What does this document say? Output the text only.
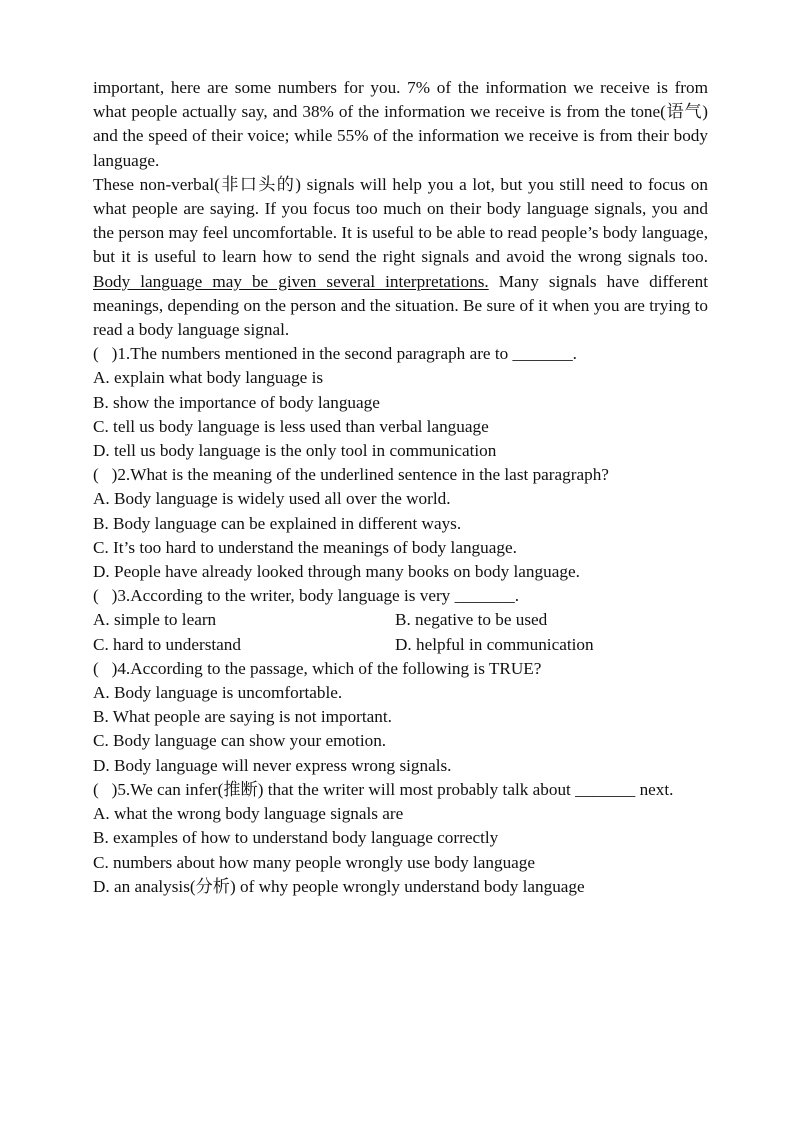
important, here are some numbers for you. 7% of the information we receive is from what people actually say, and 38% of the information we receive is from the tone(语气) and the speed of their voice; while 55% of the information we receive is from their body language.

These non-verbal(非口头的) signals will help you a lot, but you still need to focus on what people are saying. If you focus too much on their body language signals, you and the person may feel uncomfortable. It is useful to be able to read people’s body language, but it is useful to learn how to send the right signals and avoid the wrong signals too. Body language may be given several interpretations. Many signals have different meanings, depending on the person and the situation. Be sure of it when you are trying to read a body language signal.

(   )1.The numbers mentioned in the second paragraph are to _______.

A. explain what body language is

B. show the importance of body language

C. tell us body language is less used than verbal language

D. tell us body language is the only tool in communication

(   )2.What is the meaning of the underlined sentence in the last paragraph?

A. Body language is widely used all over the world.

B. Body language can be explained in different ways.

C. It’s too hard to understand the meanings of body language.

D. People have already looked through many books on body language.

(   )3.According to the writer, body language is very _______.

A. simple to learn	B. negative to be used
C. hard to understand	D. helpful in communication

(   )4.According to the passage, which of the following is TRUE?

A. Body language is uncomfortable.

B. What people are saying is not important.

C. Body language can show your emotion.

D. Body language will never express wrong signals.

(   )5.We can infer(推断) that the writer will most probably talk about _______ next.

A. what the wrong body language signals are

B. examples of how to understand body language correctly

C. numbers about how many people wrongly use body language

D. an analysis(分析) of why people wrongly understand body language
